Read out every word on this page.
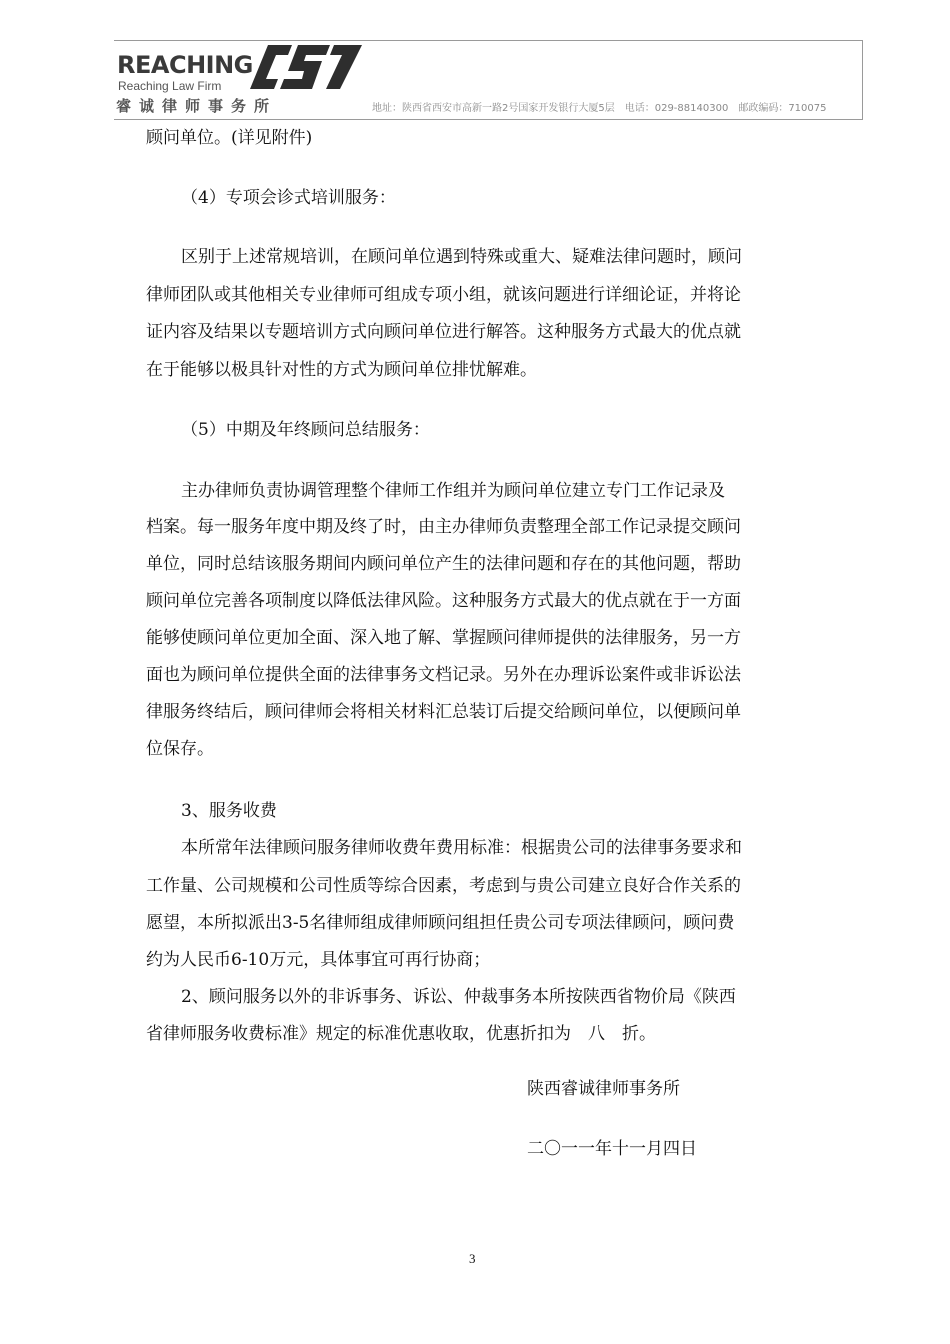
REACHING
Reaching Law Firm
睿诚律师事务所	地址：陕西省西安市高新一路2号国家开发银行大厦5层　电话：029-88140300　邮政编码：710075
顾问单位。(详见附件)
（4）专项会诊式培训服务：
区别于上述常规培训，在顾问单位遇到特殊或重大、疑难法律问题时，顾问
律师团队或其他相关专业律师可组成专项小组，就该问题进行详细论证，并将论
证内容及结果以专题培训方式向顾问单位进行解答。这种服务方式最大的优点就
在于能够以极具针对性的方式为顾问单位排忧解难。
（5）中期及年终顾问总结服务：
主办律师负责协调管理整个律师工作组并为顾问单位建立专门工作记录及
档案。每一服务年度中期及终了时，由主办律师负责整理全部工作记录提交顾问
单位，同时总结该服务期间内顾问单位产生的法律问题和存在的其他问题，帮助
顾问单位完善各项制度以降低法律风险。这种服务方式最大的优点就在于一方面
能够使顾问单位更加全面、深入地了解、掌握顾问律师提供的法律服务，另一方
面也为顾问单位提供全面的法律事务文档记录。另外在办理诉讼案件或非诉讼法
律服务终结后，顾问律师会将相关材料汇总装订后提交给顾问单位，以便顾问单
位保存。
3、服务收费
本所常年法律顾问服务律师收费年费用标准：根据贵公司的法律事务要求和
工作量、公司规模和公司性质等综合因素，考虑到与贵公司建立良好合作关系的
愿望，本所拟派出3-5名律师组成律师顾问组担任贵公司专项法律顾问，顾问费
约为人民币6-10万元，具体事宜可再行协商；
2、顾问服务以外的非诉事务、诉讼、仲裁事务本所按陕西省物价局《陕西
省律师服务收费标准》规定的标准优惠收取，优惠折扣为　八　折。
陕西睿诚律师事务所
二〇一一年十一月四日
3
